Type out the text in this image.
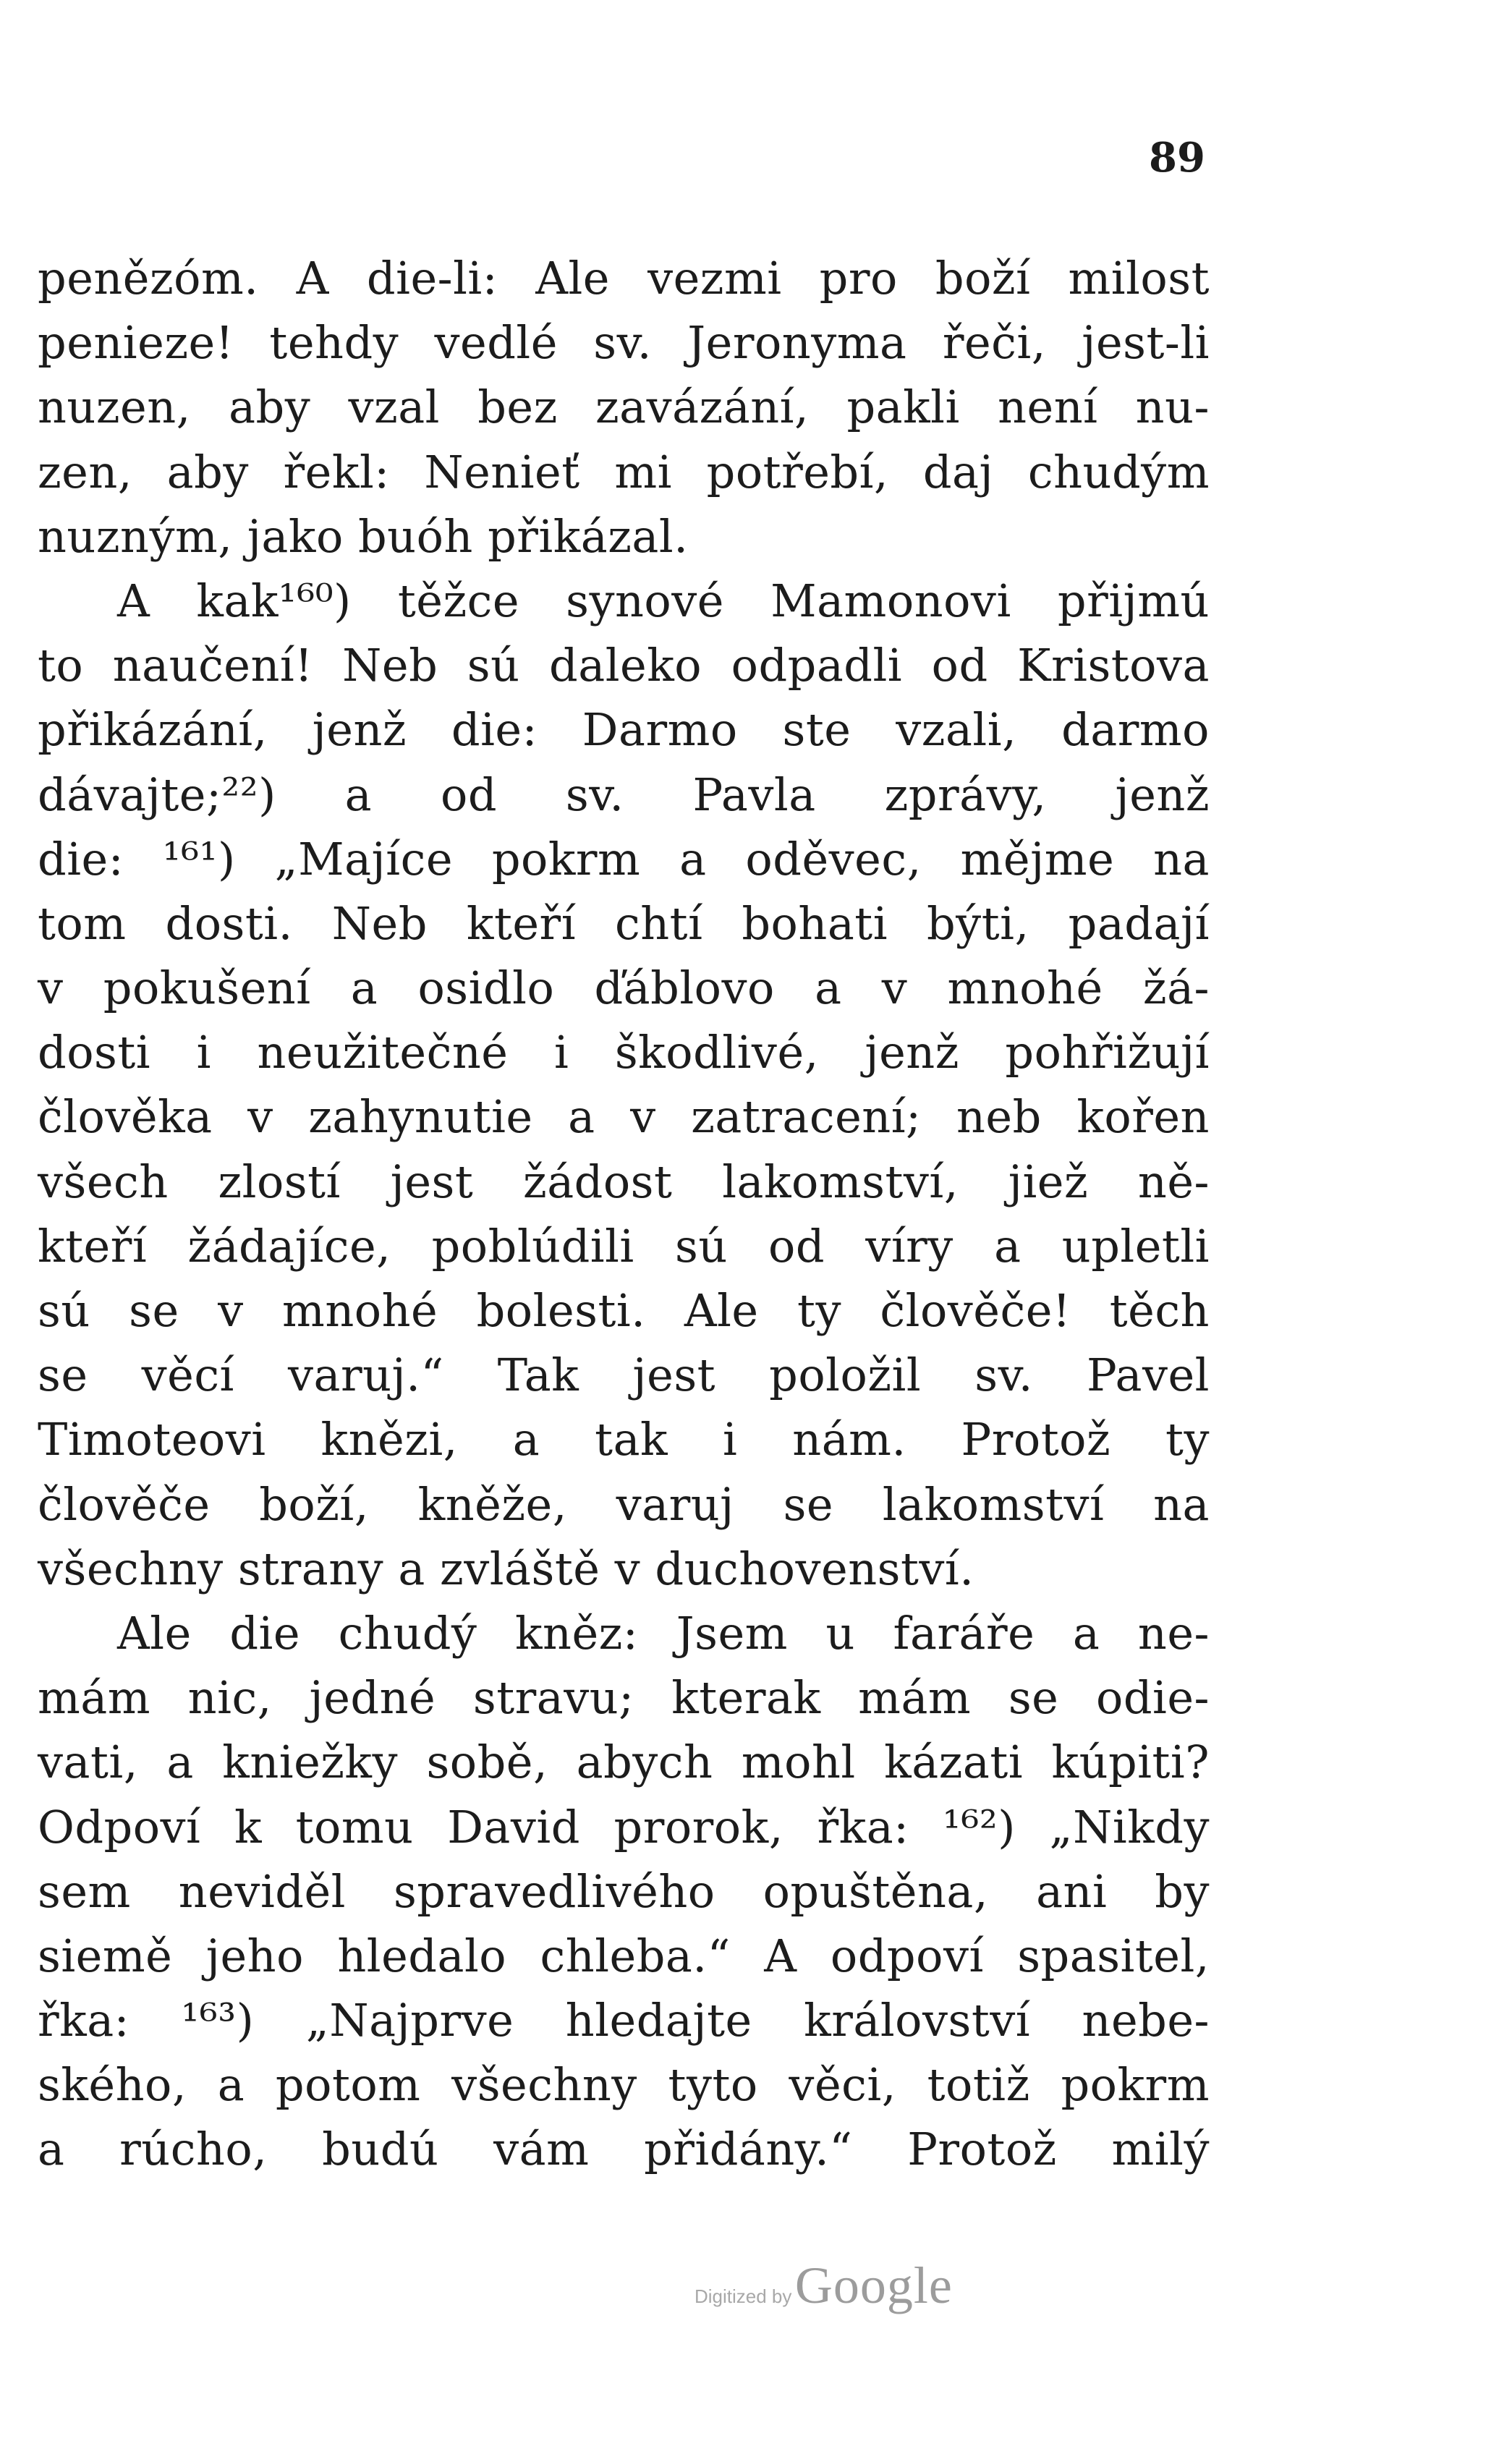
89
penězóm. A die-li: Ale vezmi pro boží milost
penieze! tehdy vedlé sv. Jeronyma řeči, jest-li
nuzen, aby vzal bez zavázání, pakli není nu-
zen, aby řekl: Nenieť mi potřebí, daj chudým
nuzným, jako buóh přikázal.
A kak¹⁶⁰) těžce synové Mamonovi přijmú
to naučení! Neb sú daleko odpadli od Kristova
přikázání, jenž die: Darmo ste vzali, darmo
dávajte;²²) a od sv. Pavla zprávy, jenž
die: ¹⁶¹) „Majíce pokrm a oděvec, mějme na
tom dosti. Neb kteří chtí bohati býti, padají
v pokušení a osidlo ďáblovo a v mnohé žá-
dosti i neužitečné i škodlivé, jenž pohřižují
člověka v zahynutie a v zatracení; neb kořen
všech zlostí jest žádost lakomství, jiež ně-
kteří žádajíce, poblúdili sú od víry a upletli
sú se v mnohé bolesti. Ale ty člověče! těch
se věcí varuj.“ Tak jest položil sv. Pavel
Timoteovi knězi, a tak i nám. Protož ty
člověče boží, kněže, varuj se lakomství na
všechny strany a zvláště v duchovenství.
Ale die chudý kněz: Jsem u faráře a ne-
mám nic, jedné stravu; kterak mám se odie-
vati, a kniežky sobě, abych mohl kázati kúpiti?
Odpoví k tomu David prorok, řka: ¹⁶²) „Nikdy
sem neviděl spravedlivého opuštěna, ani by
siemě jeho hledalo chleba.“ A odpoví spasitel,
řka: ¹⁶³) „Najprve hledajte království nebe-
ského, a potom všechny tyto věci, totiž pokrm
a rúcho, budú vám přidány.“ Protož milý
Digitized by Google
